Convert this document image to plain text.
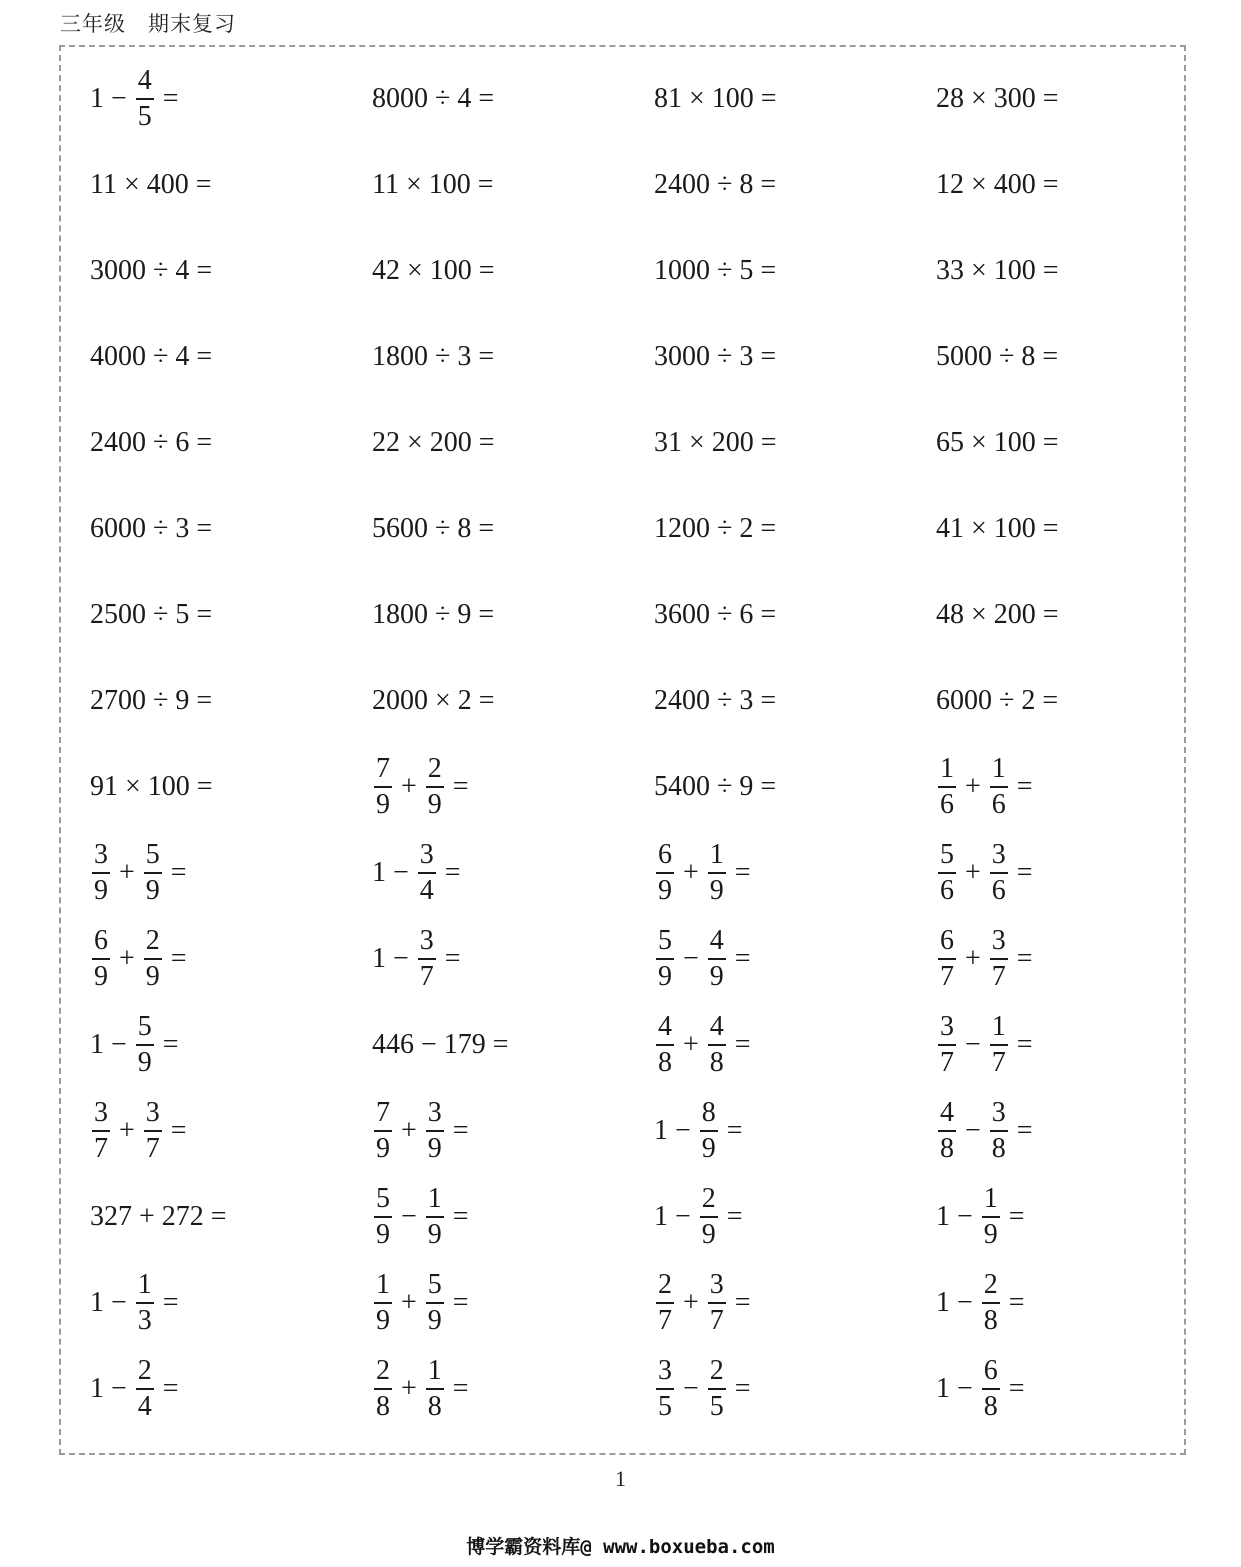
三年级 期末复习
$1 - \frac{4}{5}$ =	8000 ÷ 4 =	81 × 100 =	28 × 300 =
11 × 400 =	11 × 100 =	2400 ÷ 8 =	12 × 400 =
3000 ÷ 4 =	42 × 100 =	1000 ÷ 5 =	33 × 100 =
4000 ÷ 4 =	1800 ÷ 3 =	3000 ÷ 3 =	5000 ÷ 8 =
2400 ÷ 6 =	22 × 200 =	31 × 200 =	65 × 100 =
6000 ÷ 3 =	5600 ÷ 8 =	1200 ÷ 2 =	41 × 100 =
2500 ÷ 5 =	1800 ÷ 9 =	3600 ÷ 6 =	48 × 200 =
2700 ÷ 9 =	2000 × 2 =	2400 ÷ 3 =	6000 ÷ 2 =
91 × 100 =	$\frac{7}{9} + \frac{2}{9}$ =	5400 ÷ 9 =	$\frac{1}{6} + \frac{1}{6}$ =
$\frac{3}{9} + \frac{5}{9}$ =	$1 - \frac{3}{4}$ =	$\frac{6}{9} + \frac{1}{9}$ =	$\frac{5}{6} + \frac{3}{6}$ =
$\frac{6}{9} + \frac{2}{9}$ =	$1 - \frac{3}{7}$ =	$\frac{5}{9} - \frac{4}{9}$ =	$\frac{6}{7} + \frac{3}{7}$ =
$1 - \frac{5}{9}$ =	446 − 179 =	$\frac{4}{8} + \frac{4}{8}$ =	$\frac{3}{7} - \frac{1}{7}$ =
$\frac{3}{7} + \frac{3}{7}$ =	$\frac{7}{9} + \frac{3}{9}$ =	$1 - \frac{8}{9}$ =	$\frac{4}{8} - \frac{3}{8}$ =
327 + 272 =	$\frac{5}{9} - \frac{1}{9}$ =	$1 - \frac{2}{9}$ =	$1 - \frac{1}{9}$ =
$1 - \frac{1}{3}$ =	$\frac{1}{9} + \frac{5}{9}$ =	$\frac{2}{7} + \frac{3}{7}$ =	$1 - \frac{2}{8}$ =
$1 - \frac{2}{4}$ =	$\frac{2}{8} + \frac{1}{8}$ =	$\frac{3}{5} - \frac{2}{5}$ =	$1 - \frac{6}{8}$ =
1
博学霸资料库@ www.boxueba.com
